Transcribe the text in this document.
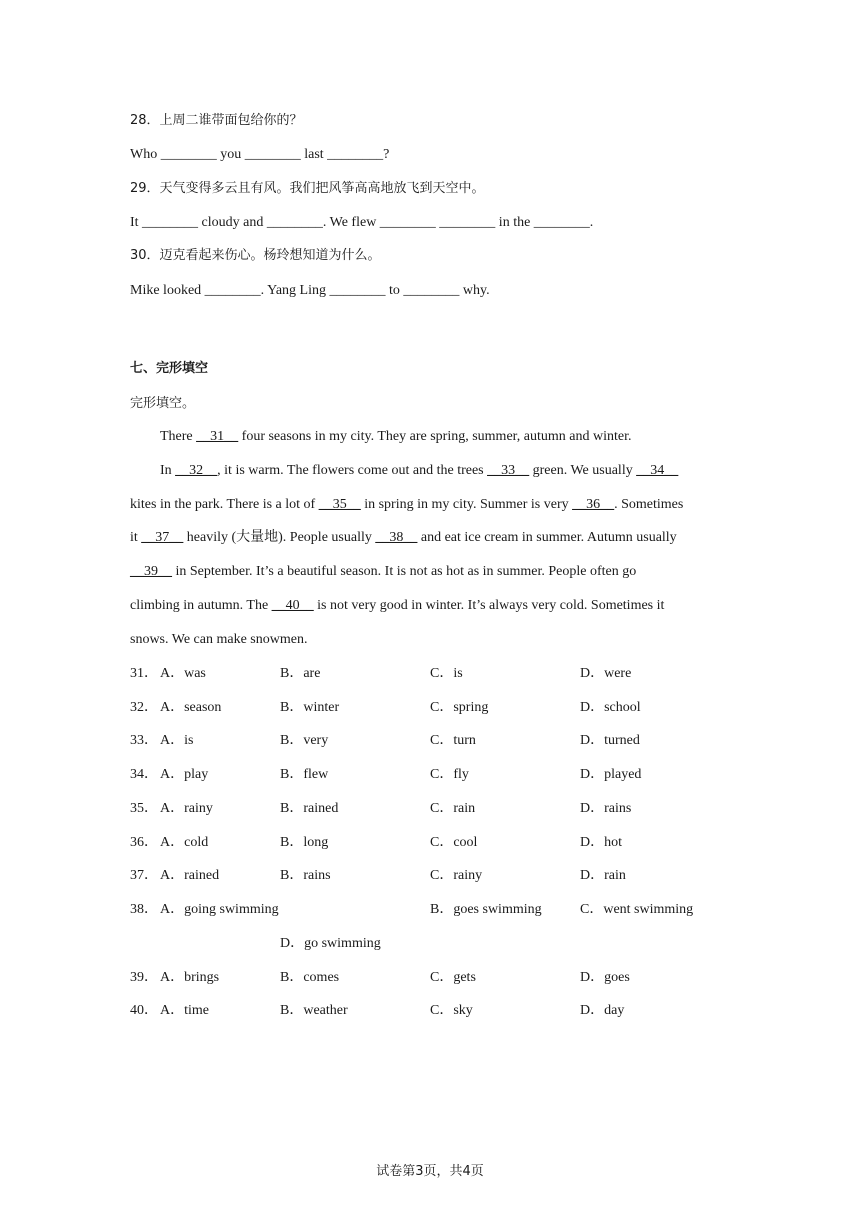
28．上周二谁带面包给你的？
Who ________ you ________ last ________?
29．天气变得多云且有风。我们把风筝高高地放飞到天空中。
It ________ cloudy and ________. We flew ________ ________ in the ________.
30．迈克看起来伤心。杨玲想知道为什么。
Mike looked ________. Yang Ling ________ to ________ why.
七、完形填空
完形填空。
There __31__ four seasons in my city. They are spring, summer, autumn and winter.
In __32__, it is warm. The flowers come out and the trees __33__ green. We usually __34__
kites in the park. There is a lot of __35__ in spring in my city. Summer is very __36__. Sometimes
it __37__ heavily (大量地). People usually __38__ and eat ice cream in summer. Autumn usually
__39__ in September. It’s a beautiful season. It is not as hot as in summer. People often go
climbing in autumn. The __40__ is not very good in winter. It’s always very cold. Sometimes it
snows. We can make snowmen.
31． A．was	B．are	C．is	D．were
32． A．season	B．winter	C．spring	D．school
33． A．is	B．very	C．turn	D．turned
34． A．play	B．flew	C．fly	D．played
35． A．rainy	B．rained	C．rain	D．rains
36． A．cold	B．long	C．cool	D．hot
37． A．rained	B．rains	C．rainy	D．rain
38． A．going swimming	B．goes swimming	C．went swimming
D．go swimming
39． A．brings	B．comes	C．gets	D．goes
40． A．time	B．weather	C．sky	D．day
试卷第3页，共4页
